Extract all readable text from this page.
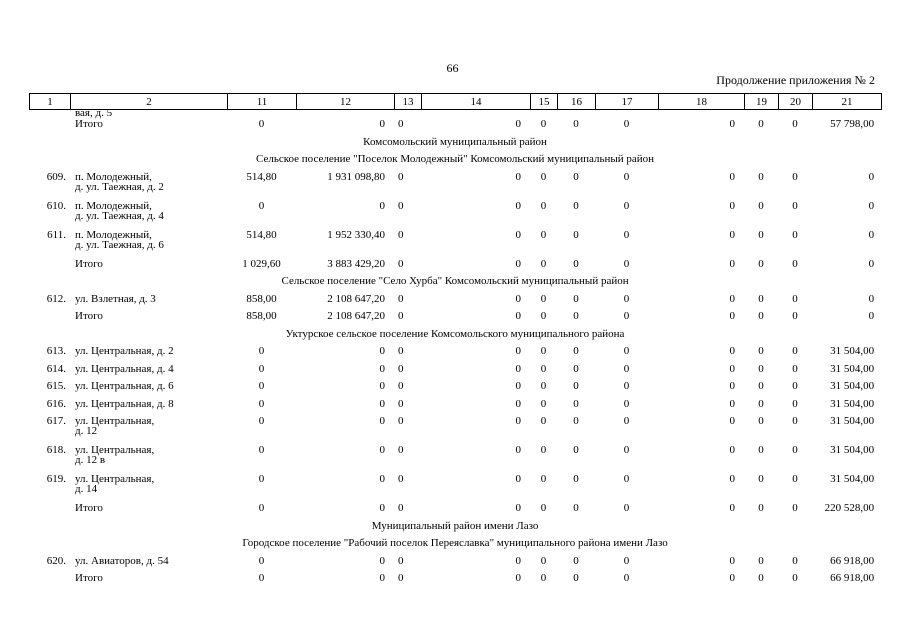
66
Продолжение приложения № 2
1	2	11	12	13	14	15	16	17	18	19	20	21
	вая, д. 5											

	Итого	0	0	0	0	0	0	0	0	0	0	57 798,00
Комсомольский муниципальный район												
Сельское поселение "Поселок Молодежный" Комсомольский муниципальный район												
609.	п. Молодежный,
д. ул. Таежная, д. 2	514,80	1 931 098,80	0	0	0	0	0	0	0	0	0
610.	п. Молодежный,
д. ул. Таежная, д. 4	0	0	0	0	0	0	0	0	0	0	0
611.	п. Молодежный,
д. ул. Таежная, д. 6	514,80	1 952 330,40	0	0	0	0	0	0	0	0	0

	Итого	1 029,60	3 883 429,20	0	0	0	0	0	0	0	0	0
Сельское поселение "Село Хурба" Комсомольский муниципальный район												
612.	ул. Взлетная, д. 3	858,00	2 108 647,20	0	0	0	0	0	0	0	0	0

	Итого	858,00	2 108 647,20	0	0	0	0	0	0	0	0	0
Уктурское сельское поселение Комсомольского муниципального района												
613.	ул. Центральная, д. 2	0	0	0	0	0	0	0	0	0	0	31 504,00
614.	ул. Центральная, д. 4	0	0	0	0	0	0	0	0	0	0	31 504,00
615.	ул. Центральная, д. 6	0	0	0	0	0	0	0	0	0	0	31 504,00
616.	ул. Центральная, д. 8	0	0	0	0	0	0	0	0	0	0	31 504,00
617.	ул. Центральная,
д. 12	0	0	0	0	0	0	0	0	0	0	31 504,00
618.	ул. Центральная,
д. 12 в	0	0	0	0	0	0	0	0	0	0	31 504,00
619.	ул. Центральная,
д. 14	0	0	0	0	0	0	0	0	0	0	31 504,00

	Итого	0	0	0	0	0	0	0	0	0	0	220 528,00
Муниципальный район имени Лазо												
Городское поселение "Рабочий поселок Переяславка" муниципального района имени Лазо												
620.	ул. Авиаторов, д. 54	0	0	0	0	0	0	0	0	0	0	66 918,00

	Итого	0	0	0	0	0	0	0	0	0	0	66 918,00
